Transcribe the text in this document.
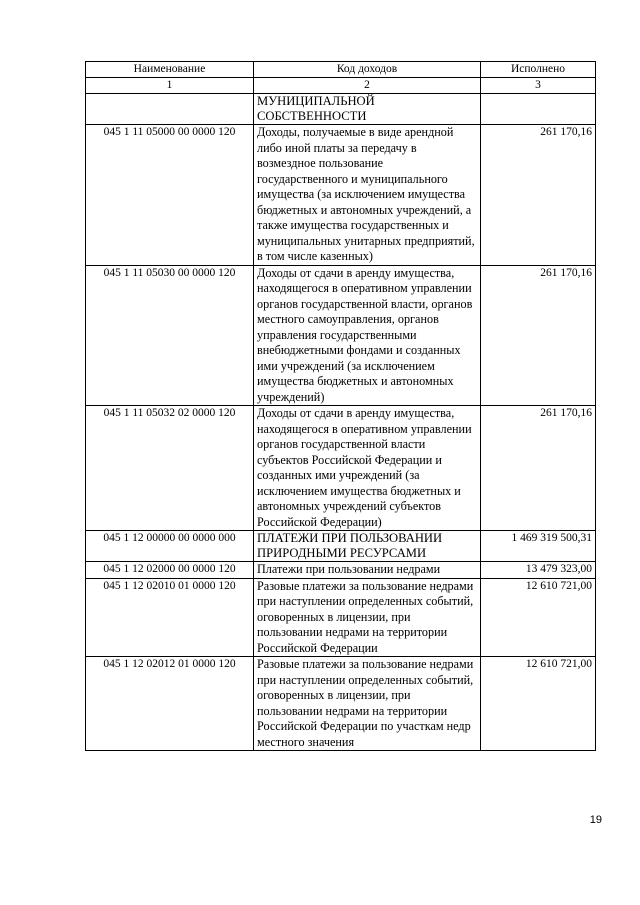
Наименование	Код доходов	Исполнено
1	2	3
	МУНИЦИПАЛЬНОЙ СОБСТВЕННОСТИ	
045 1 11 05000 00 0000 120	Доходы, получаемые в виде арендной либо иной платы за передачу в возмездное пользование государственного и муниципального имущества (за исключением имущества бюджетных и автономных учреждений, а также имущества государственных и муниципальных унитарных предприятий, в том числе казенных)	261 170,16
045 1 11 05030 00 0000 120	Доходы от сдачи в аренду имущества, находящегося в оперативном управлении органов государственной власти, органов местного самоуправления, органов управления государственными внебюджетными фондами и созданных ими учреждений (за исключением имущества бюджетных и автономных учреждений)	261 170,16
045 1 11 05032 02 0000 120	Доходы от сдачи в аренду имущества, находящегося в оперативном управлении органов государственной власти субъектов Российской Федерации и созданных ими учреждений (за исключением имущества бюджетных и автономных учреждений субъектов Российской Федерации)	261 170,16
045 1 12 00000 00 0000 000	ПЛАТЕЖИ ПРИ ПОЛЬЗОВАНИИ ПРИРОДНЫМИ РЕСУРСАМИ	1 469 319 500,31
045 1 12 02000 00 0000 120	Платежи при пользовании недрами	13 479 323,00
045 1 12 02010 01 0000 120	Разовые платежи за пользование недрами при наступлении определенных событий, оговоренных в лицензии, при пользовании недрами на территории Российской Федерации	12 610 721,00
045 1 12 02012 01 0000 120	Разовые платежи за пользование недрами при наступлении определенных событий, оговоренных в лицензии, при пользовании недрами на территории Российской Федерации по участкам недр местного значения	12 610 721,00
19
